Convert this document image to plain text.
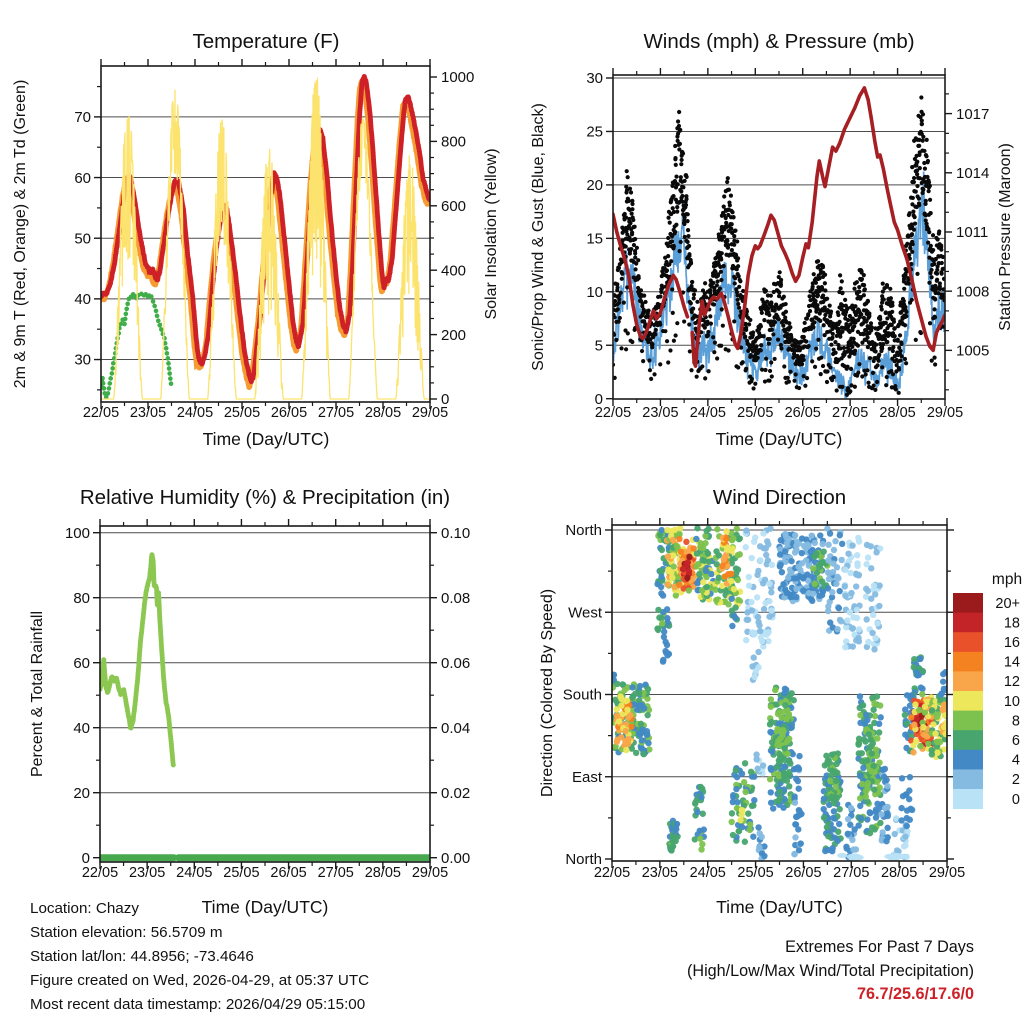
22/05 23/05 24/05 25/05 26/05 27/05 28/05 29/05
30
40
50
60
70
0
200
400
600
800
1000
22/05 23/05 24/05 25/05 26/05 27/05 28/05 29/05
0
5
10
15
20
25
30
1005
1008
1011
1014
1017
22/05 23/05 24/05 25/05 26/05 27/05 28/05 29/05
0
20
40
60
80
100
0.00
0.02
0.04
0.06
0.08
0.10
22/05 23/05 24/05 25/05 26/05 27/05 28/05 29/05
North
West
South
East
North
20+
18
16
14
12
10
8
6
4
2
0
Temperature (F)	Winds (mph) & Pressure (mb)
Relative Humidity (%) & Precipitation (in)	Wind Direction
Time (Day/UTC)	Time (Day/UTC)
Time (Day/UTC)	Time (Day/UTC)
2m & 9m T (Red, Orange) & 2m Td (Green)	Solar Insolation (Yellow) Sonic/Prop Wind & Gust (Blue, Black)	Station Pressure (Maroon)
Percent & Total Rainfall	Direction (Colored By Speed)
mph
Location: Chazy
Station elevation: 56.5709 m
Station lat/lon: 44.8956; -73.4646
Figure created on Wed, 2026-04-29, at 05:37 UTC
Most recent data timestamp: 2026/04/29 05:15:00
Extremes For Past 7 Days
(High/Low/Max Wind/Total Precipitation)
76.7/25.6/17.6/0
